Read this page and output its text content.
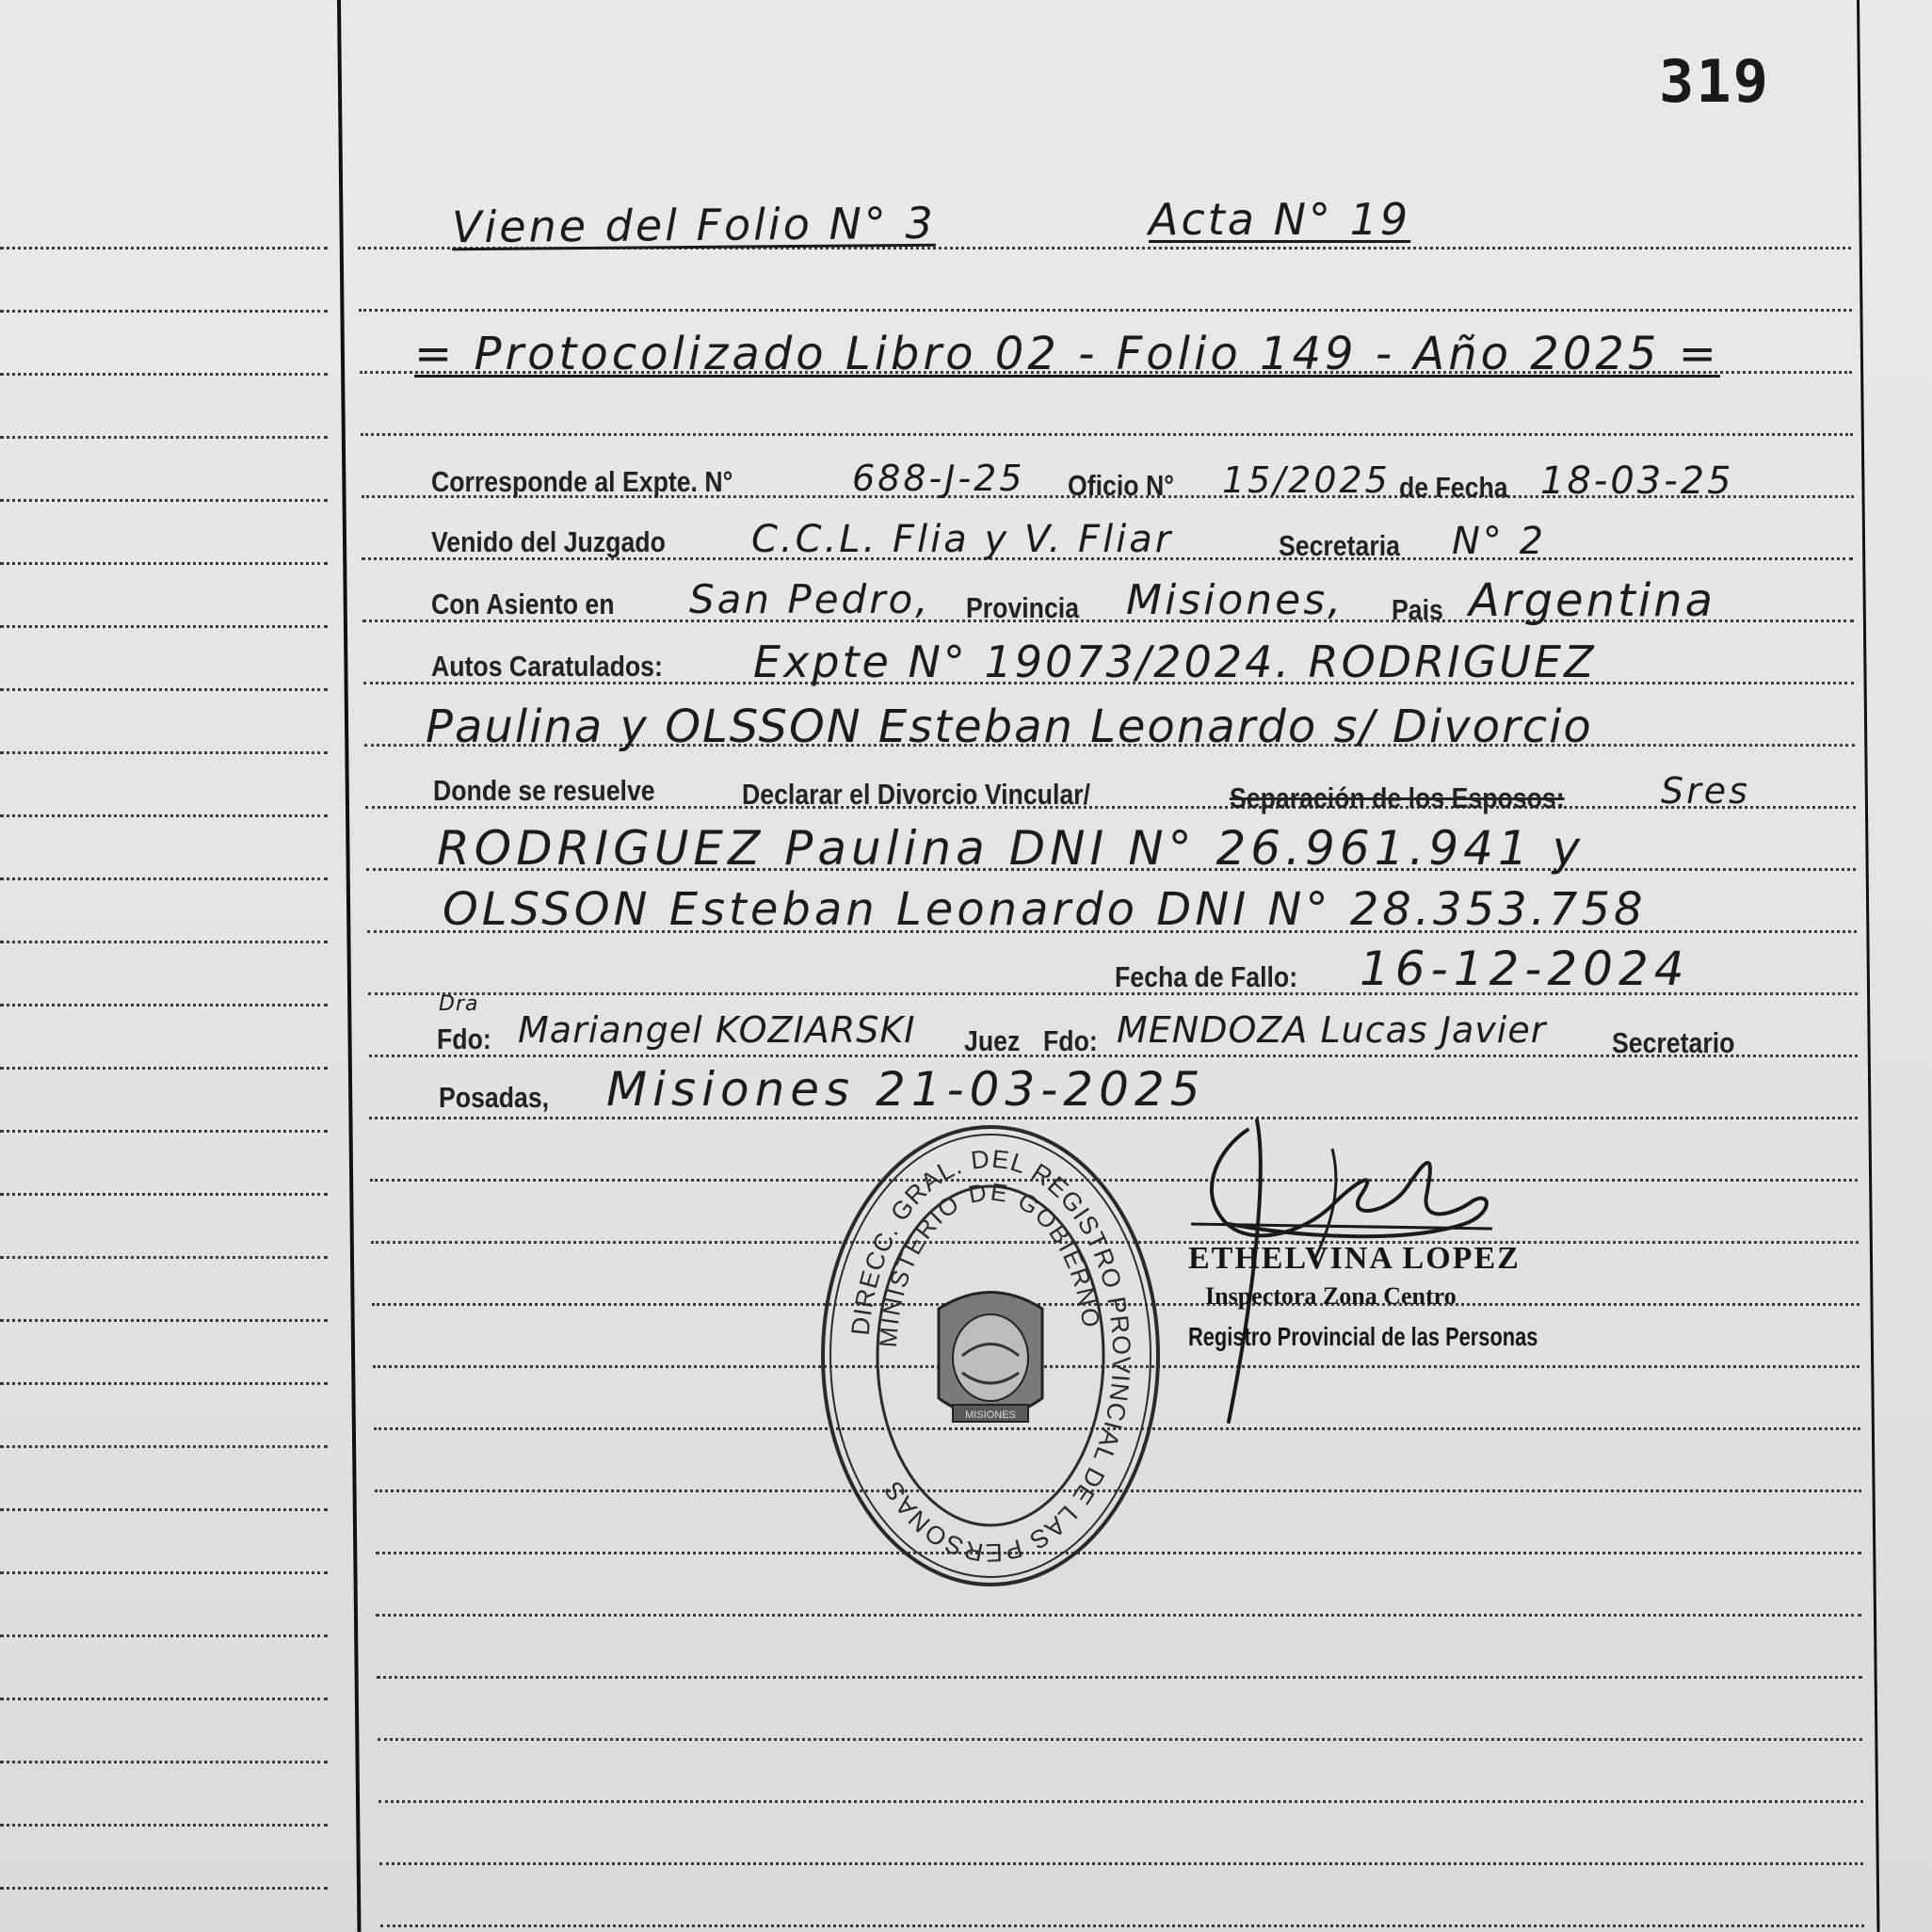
319
Viene del Folio N° 3	Acta N° 19
= Protocolizado Libro 02 - Folio 149 - Año 2025 =
Corresponde al Expte. N°	688-J-25 Oficio N° 15/2025 de Fecha 18-03-25
Venido del Juzgado C.C.L. Flia y V. Fliar	Secretaria N° 2
Con Asiento en San Pedro, Provincia Misiones, Pais Argentina
Autos Caratulados: Expte N° 19073/2024. RODRIGUEZ
Paulina y OLSSON Esteban Leonardo s/ Divorcio
Donde se resuelve	Declarar el Divorcio Vincular/	Separación de los Esposos:	Sres
RODRIGUEZ Paulina DNI N° 26.961.941 y
OLSSON Esteban Leonardo DNI N° 28.353.758
Fecha de Fallo: 16-12-2024
Dra
Fdo: Mariangel KOZIARSKI Juez Fdo: MENDOZA Lucas Javier Secretario
Posadas, Misiones 21-03-2025
DIRECC. GRAL. DEL REGISTRO PROVINCIAL DE LAS PERSONAS
MINISTERIO DE GOBIERNO
MISIONES
ETHELVINA LOPEZ
Inspectora Zona Centro
Registro Provincial de las Personas
